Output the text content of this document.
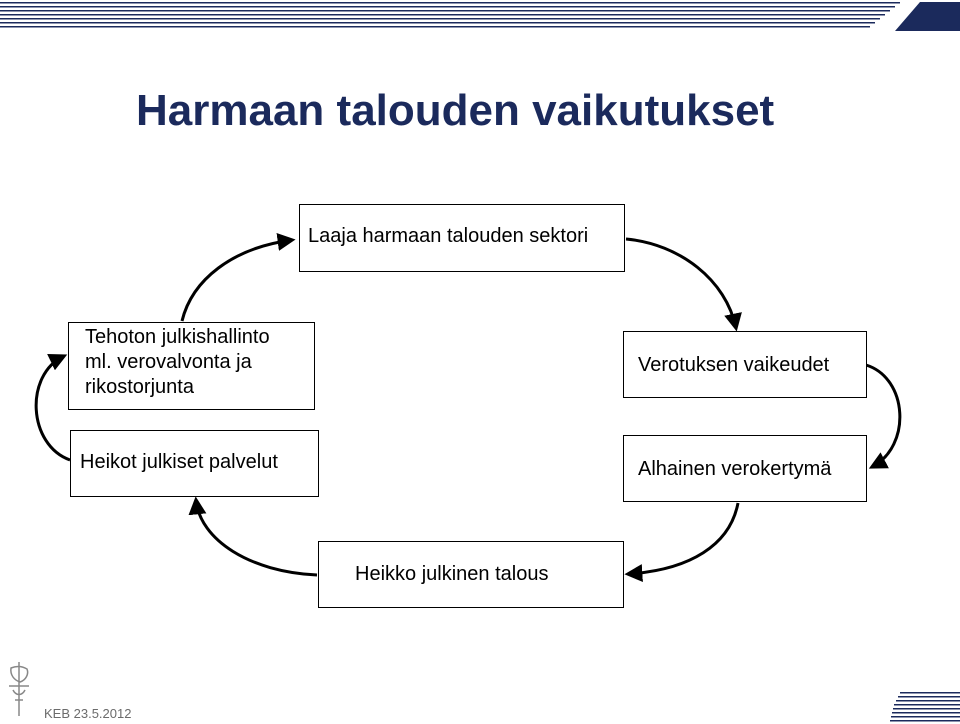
Harmaan talouden vaikutukset
Laaja harmaan talouden sektori
Verotuksen vaikeudet
Alhainen verokertymä
Heikko julkinen talous
Heikot julkiset palvelut
Tehoton julkishallinto
ml. verovalvonta ja
rikostorjunta
KEB 23.5.2012
